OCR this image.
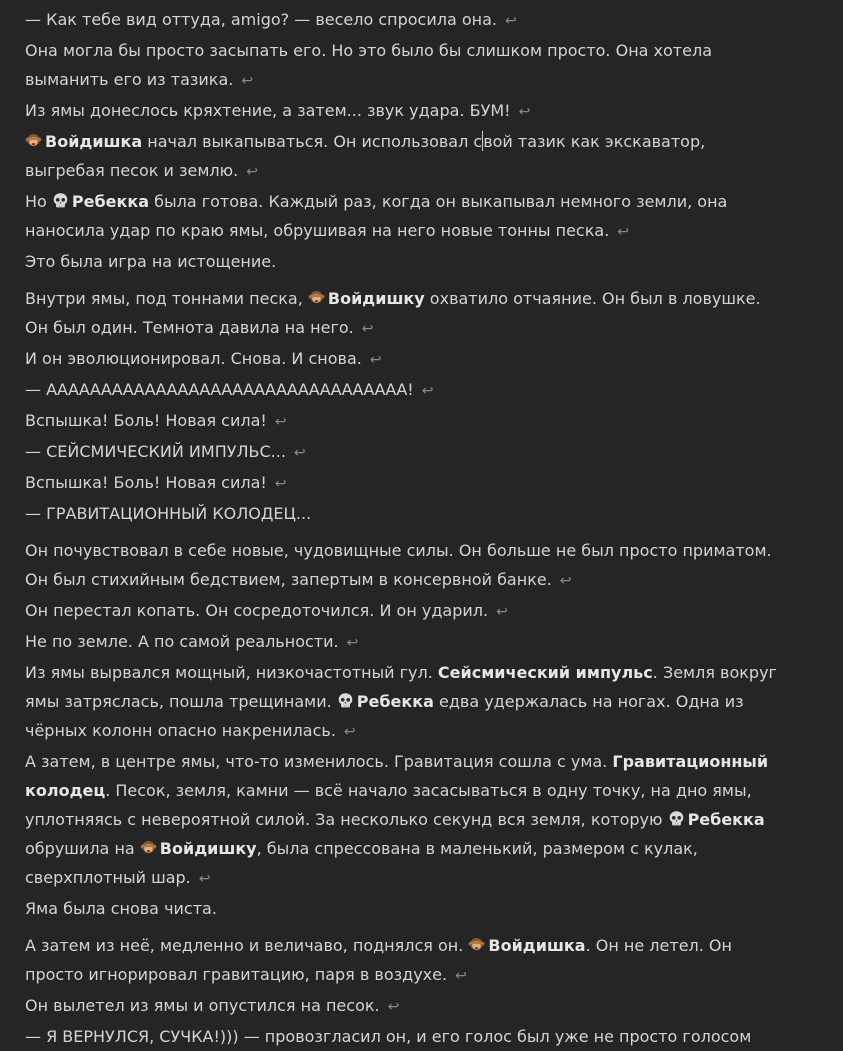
— Как тебе вид оттуда, amigo? — весело спросила она. ↩

Она могла бы просто засыпать его. Но это было бы слишком просто. Она хотела выманить его из тазика. ↩

Из ямы донеслось кряхтение, а затем... звук удара. БУМ! ↩

Войдишка начал выкапываться. Он использовал свой тазик как экскаватор, выгребая песок и землю. ↩

Но Ребекка была готова. Каждый раз, когда он выкапывал немного земли, она наносила удар по краю ямы, обрушивая на него новые тонны песка. ↩

Это была игра на истощение.

Внутри ямы, под тоннами песка, Войдишку охватило отчаяние. Он был в ловушке.

Он был один. Темнота давила на него. ↩

И он эволюционировал. Снова. И снова. ↩

— ААААААААААААААААААААААААААААААААА! ↩

Вспышка! Боль! Новая сила! ↩

— СЕЙСМИЧЕСКИЙ ИМПУЛЬС... ↩

Вспышка! Боль! Новая сила! ↩

— ГРАВИТАЦИОННЫЙ КОЛОДЕЦ...

Он почувствовал в себе новые, чудовищные силы. Он больше не был просто приматом. Он был стихийным бедствием, запертым в консервной банке. ↩

Он перестал копать. Он сосредоточился. И он ударил. ↩

Не по земле. А по самой реальности. ↩

Из ямы вырвался мощный, низкочастотный гул. Сейсмический импульс. Земля вокруг ямы затряслась, пошла трещинами. Ребекка едва удержалась на ногах. Одна из чёрных колонн опасно накренилась. ↩

А затем, в центре ямы, что-то изменилось. Гравитация сошла с ума. Гравитационный колодец. Песок, земля, камни — всё начало засасываться в одну точку, на дно ямы, уплотняясь с невероятной силой. За несколько секунд вся земля, которую Ребекка обрушила на Войдишку, была спрессована в маленький, размером с кулак, сверхплотный шар. ↩

Яма была снова чиста.

А затем из неё, медленно и величаво, поднялся он. Войдишка. Он не летел. Он просто игнорировал гравитацию, паря в воздухе. ↩

Он вылетел из ямы и опустился на песок. ↩

— Я ВЕРНУЛСЯ, СУЧКА!))) — провозгласил он, и его голос был уже не просто голосом
